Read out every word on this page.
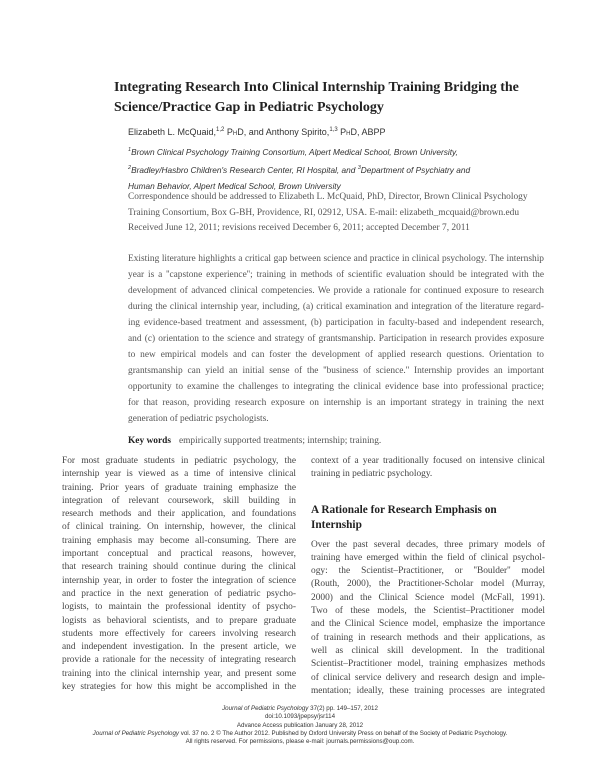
Integrating Research Into Clinical Internship Training Bridging the
Science/Practice Gap in Pediatric Psychology
Elizabeth L. McQuaid,$^{1,2}$ PhD, and Anthony Spirito,$^{1,3}$ PhD, ABPP
$^1$Brown Clinical Psychology Training Consortium, Alpert Medical School, Brown University,
$^2$Bradley/Hasbro Children's Research Center, RI Hospital, and $^3$Department of Psychiatry and
Human Behavior, Alpert Medical School, Brown University
Correspondence should be addressed to Elizabeth L. McQuaid, PhD, Director, Brown Clinical Psychology
Training Consortium, Box G-BH, Providence, RI, 02912, USA. E-mail: elizabeth_mcquaid@brown.edu
Received June 12, 2011; revisions received December 6, 2011; accepted December 7, 2011
Existing literature highlights a critical gap between science and practice in clinical psychology. The internship
year is a ''capstone experience''; training in methods of scientific evaluation should be integrated with the
development of advanced clinical competencies. We provide a rationale for continued exposure to research
during the clinical internship year, including, (a) critical examination and integration of the literature regard-
ing evidence-based treatment and assessment, (b) participation in faculty-based and independent research,
and (c) orientation to the science and strategy of grantsmanship. Participation in research provides exposure
to new empirical models and can foster the development of applied research questions. Orientation to
grantsmanship can yield an initial sense of the ''business of science.'' Internship provides an important
opportunity to examine the challenges to integrating the clinical evidence base into professional practice;
for that reason, providing research exposure on internship is an important strategy in training the next
generation of pediatric psychologists.
Key words empirically supported treatments; internship; training.
For most graduate students in pediatric psychology, the
internship year is viewed as a time of intensive clinical
training. Prior years of graduate training emphasize the
integration of relevant coursework, skill building in
research methods and their application, and foundations
of clinical training. On internship, however, the clinical
training emphasis may become all-consuming. There are
important conceptual and practical reasons, however,
that research training should continue during the clinical
internship year, in order to foster the integration of science
and practice in the next generation of pediatric psycho-
logists, to maintain the professional identity of psycho-
logists as behavioral scientists, and to prepare graduate
students more effectively for careers involving research
and independent investigation. In the present article, we
provide a rationale for the necessity of integrating research
training into the clinical internship year, and present some
key strategies for how this might be accomplished in the
context of a year traditionally focused on intensive clinical
training in pediatric psychology.
A Rationale for Research Emphasis on Internship
Over the past several decades, three primary models of
training have emerged within the field of clinical psychol-
ogy: the Scientist–Practitioner, or ''Boulder'' model
(Routh, 2000), the Practitioner-Scholar model (Murray,
2000) and the Clinical Science model (McFall, 1991).
Two of these models, the Scientist–Practitioner model
and the Clinical Science model, emphasize the importance
of training in research methods and their applications, as
well as clinical skill development. In the traditional
Scientist–Practitioner model, training emphasizes methods
of clinical service delivery and research design and imple-
mentation; ideally, these training processes are integrated
Journal of Pediatric Psychology 37(2) pp. 149–157, 2012
doi:10.1093/jpepsy/jsr114
Advance Access publication January 28, 2012
Journal of Pediatric Psychology vol. 37 no. 2 © The Author 2012. Published by Oxford University Press on behalf of the Society of Pediatric Psychology.
All rights reserved. For permissions, please e-mail: journals.permissions@oup.com.
